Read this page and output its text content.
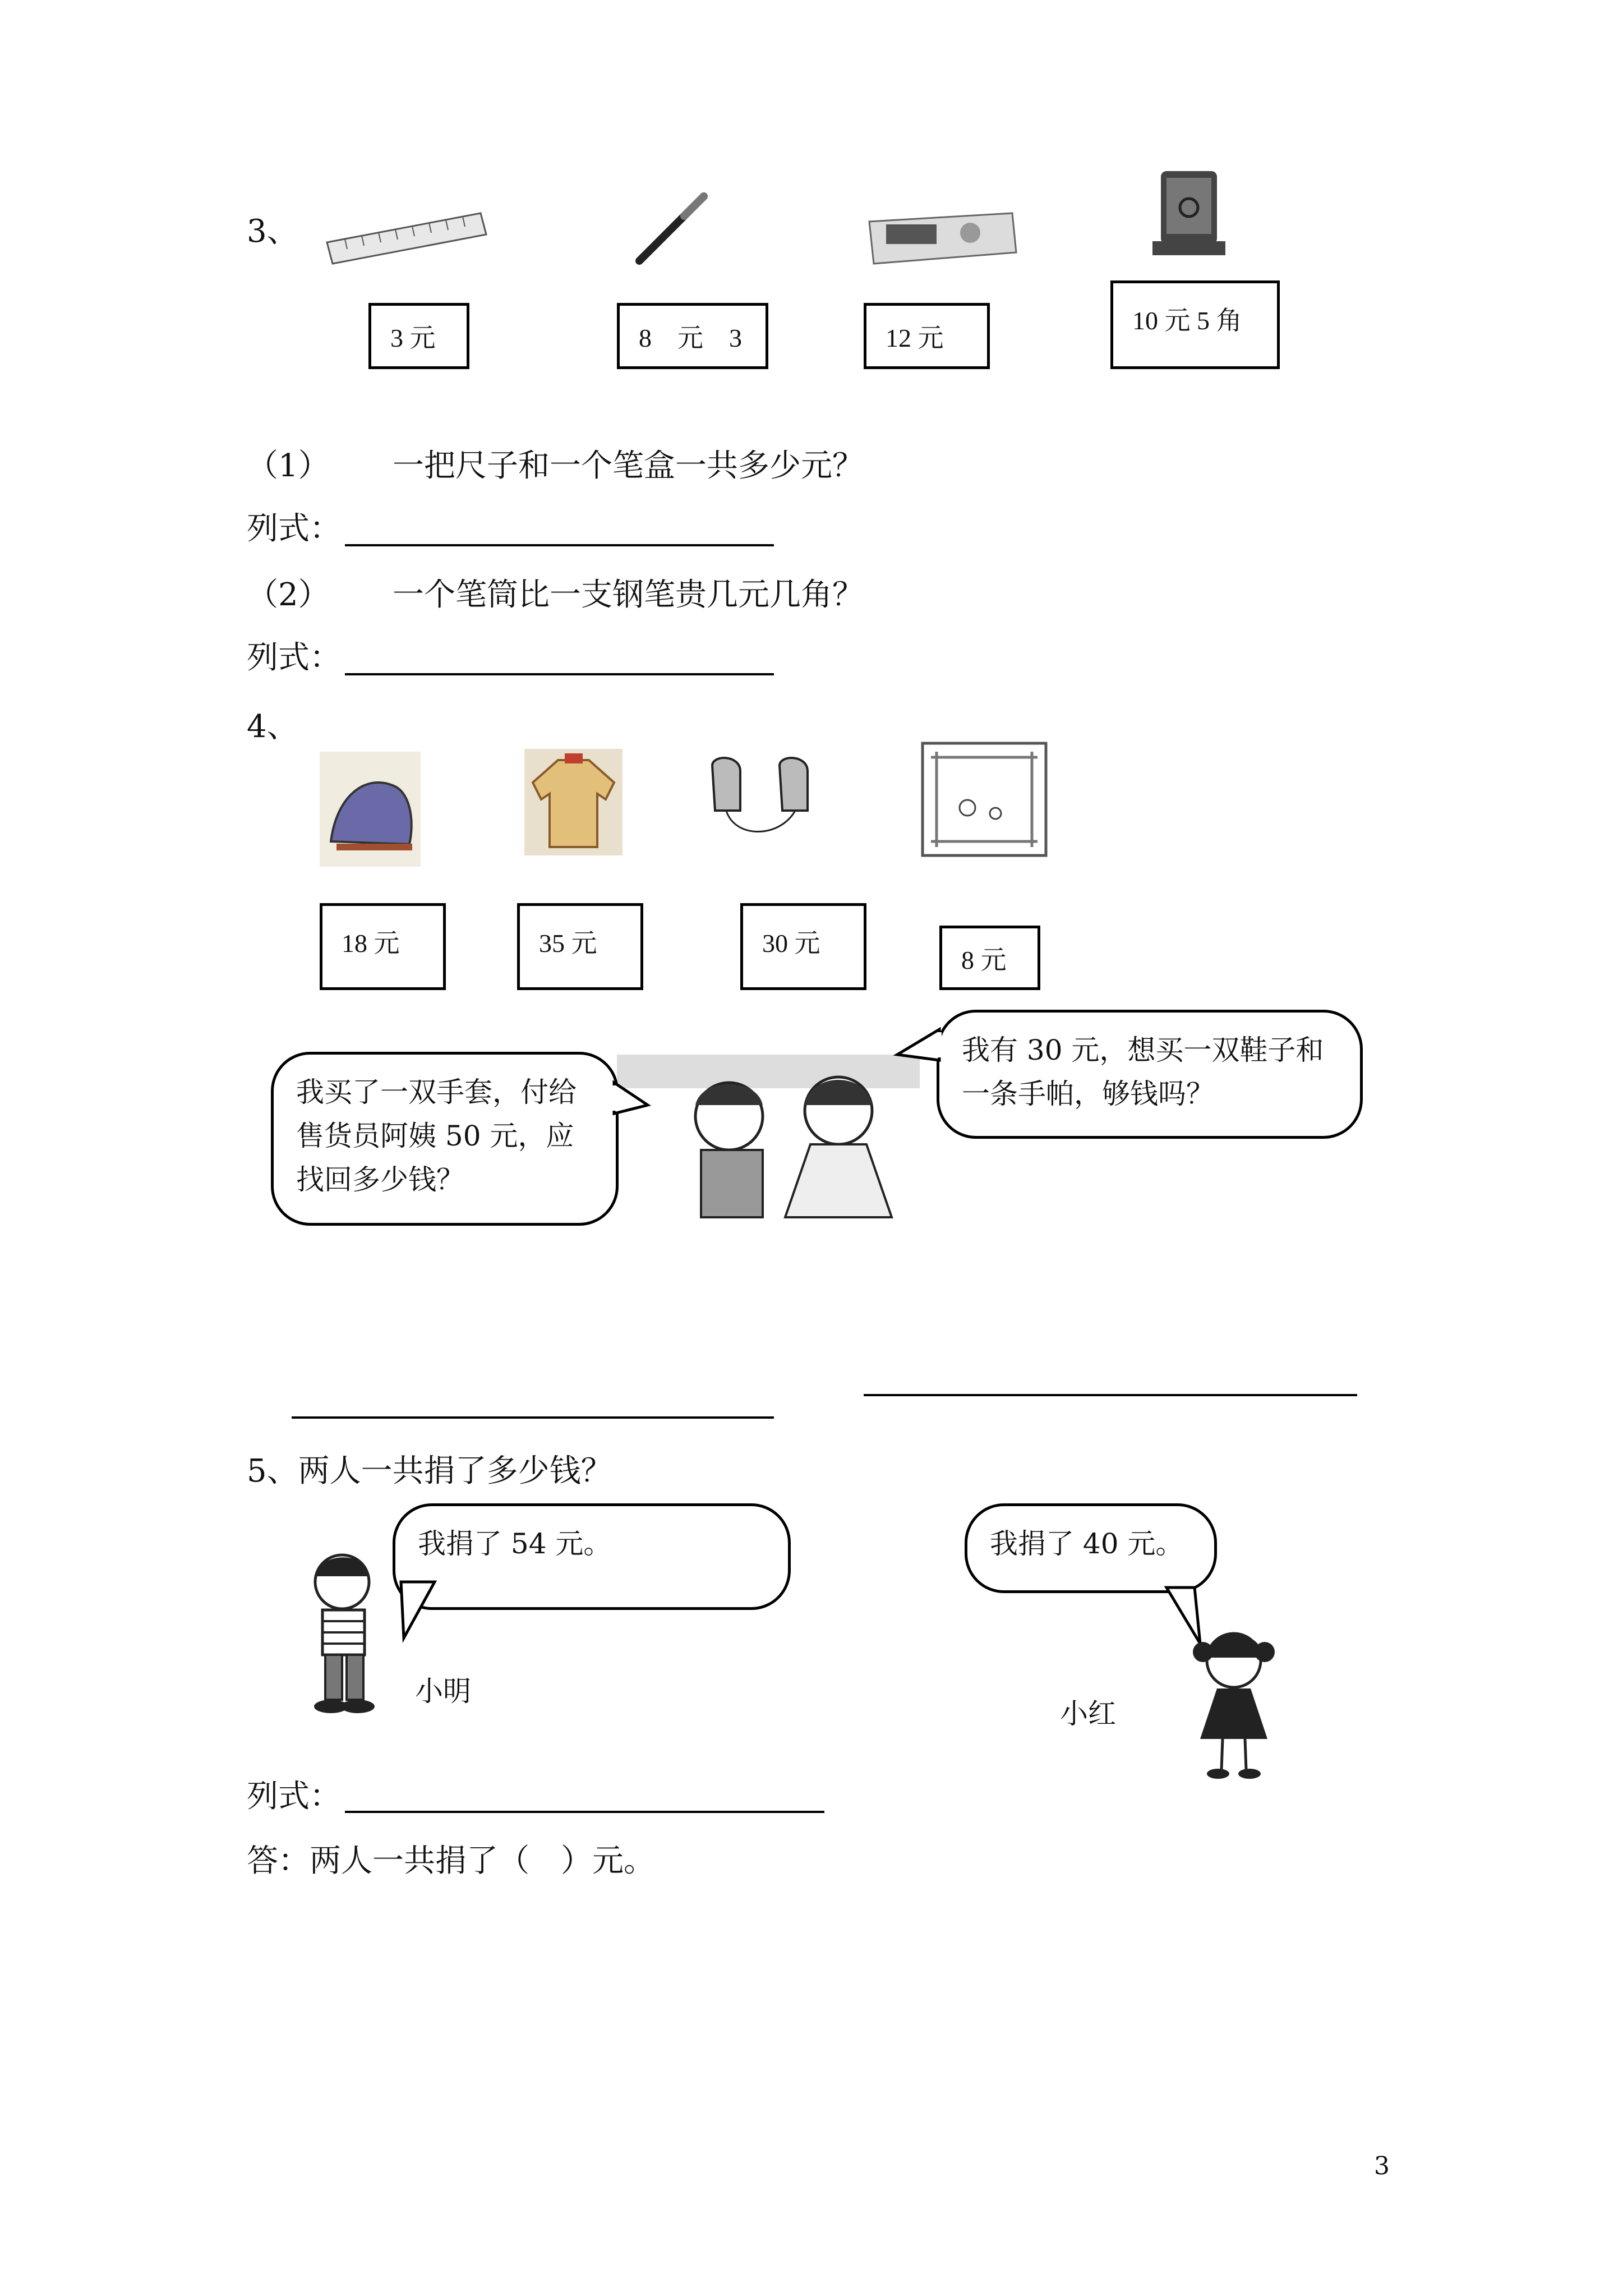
3、
3 元	8　元　3	12 元
10 元 5 角
（1） 一把尺子和一个笔盒一共多少元？
列式：
（2） 一个笔筒比一支钢笔贵几元几角？
列式：
4、
18 元	35 元	30 元
8 元
我买了一双手套，付给售货员阿姨 50 元，应找回多少钱？
我有 30 元，想买一双鞋子和一条手帕，够钱吗？
5、两人一共捐了多少钱？
我捐了 54 元。
小明
我捐了 40 元。
小红
列式：
答：两人一共捐了（　）元。
3
